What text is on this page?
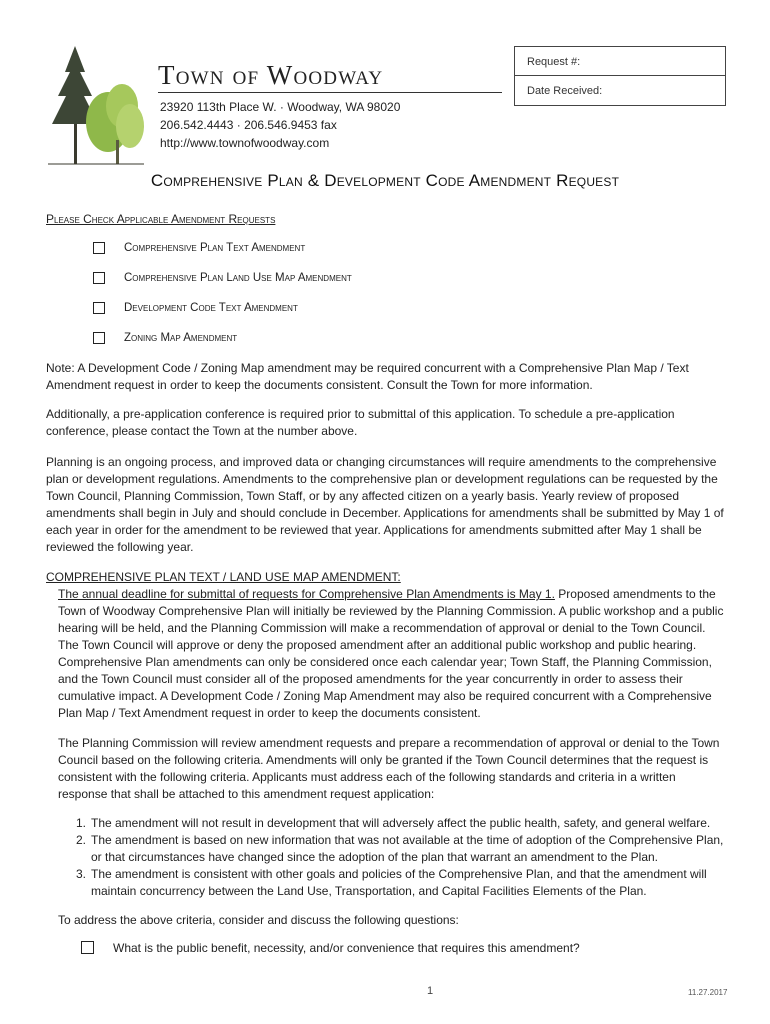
Town of Woodway
23920 113th Place W. · Woodway, WA 98020
206.542.4443 · 206.546.9453 fax
http://www.townofwoodway.com
Request #:
Date Received:
Comprehensive Plan & Development Code Amendment Request
Please Check Applicable Amendment Requests
Comprehensive Plan Text Amendment
Comprehensive Plan Land Use Map Amendment
Development Code Text Amendment
Zoning Map Amendment

Note: A Development Code / Zoning Map amendment may be required concurrent with a Comprehensive Plan Map / Text Amendment request in order to keep the documents consistent. Consult the Town for more information.

Additionally, a pre-application conference is required prior to submittal of this application. To schedule a pre-application conference, please contact the Town at the number above.

Planning is an ongoing process, and improved data or changing circumstances will require amendments to the comprehensive plan or development regulations. Amendments to the comprehensive plan or development regulations can be requested by the Town Council, Planning Commission, Town Staff, or by any affected citizen on a yearly basis. Yearly review of proposed amendments shall begin in July and should conclude in December. Applications for amendments shall be submitted by May 1 of each year in order for the amendment to be reviewed that year. Applications for amendments submitted after May 1 shall be reviewed the following year.

COMPREHENSIVE PLAN TEXT / LAND USE MAP AMENDMENT:

The annual deadline for submittal of requests for Comprehensive Plan Amendments is May 1. Proposed amendments to the Town of Woodway Comprehensive Plan will initially be reviewed by the Planning Commission. A public workshop and a public hearing will be held, and the Planning Commission will make a recommendation of approval or denial to the Town Council. The Town Council will approve or deny the proposed amendment after an additional public workshop and public hearing. Comprehensive Plan amendments can only be considered once each calendar year; Town Staff, the Planning Commission, and the Town Council must consider all of the proposed amendments for the year concurrently in order to assess their cumulative impact. A Development Code / Zoning Map Amendment may also be required concurrent with a Comprehensive Plan Map / Text Amendment request in order to keep the documents consistent.

The Planning Commission will review amendment requests and prepare a recommendation of approval or denial to the Town Council based on the following criteria. Amendments will only be granted if the Town Council determines that the request is consistent with the following criteria. Applicants must address each of the following standards and criteria in a written response that shall be attached to this amendment request application:

1. The amendment will not result in development that will adversely affect the public health, safety, and general welfare.
2. The amendment is based on new information that was not available at the time of adoption of the Comprehensive Plan, or that circumstances have changed since the adoption of the plan that warrant an amendment to the Plan.
3. The amendment is consistent with other goals and policies of the Comprehensive Plan, and that the amendment will maintain concurrency between the Land Use, Transportation, and Capital Facilities Elements of the Plan.

To address the above criteria, consider and discuss the following questions:

What is the public benefit, necessity, and/or convenience that requires this amendment?

1	11.27.2017
